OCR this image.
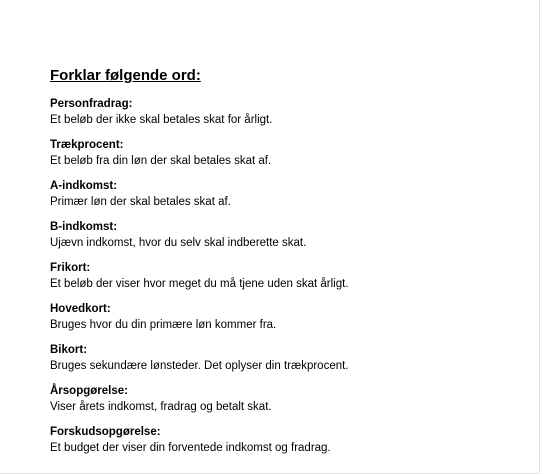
Forklar følgende ord:
Personfradrag:
Et beløb der ikke skal betales skat for årligt.
Trækprocent:
Et beløb fra din løn der skal betales skat af.
A-indkomst:
Primær løn der skal betales skat af.
B-indkomst:
Ujævn indkomst, hvor du selv skal indberette skat.
Frikort:
Et beløb der viser hvor meget du må tjene uden skat årligt.
Hovedkort:
Bruges hvor du din primære løn kommer fra.
Bikort:
Bruges sekundære lønsteder. Det oplyser din trækprocent.
Årsopgørelse:
Viser årets indkomst, fradrag og betalt skat.
Forskudsopgørelse:
Et budget der viser din forventede indkomst og fradrag.
